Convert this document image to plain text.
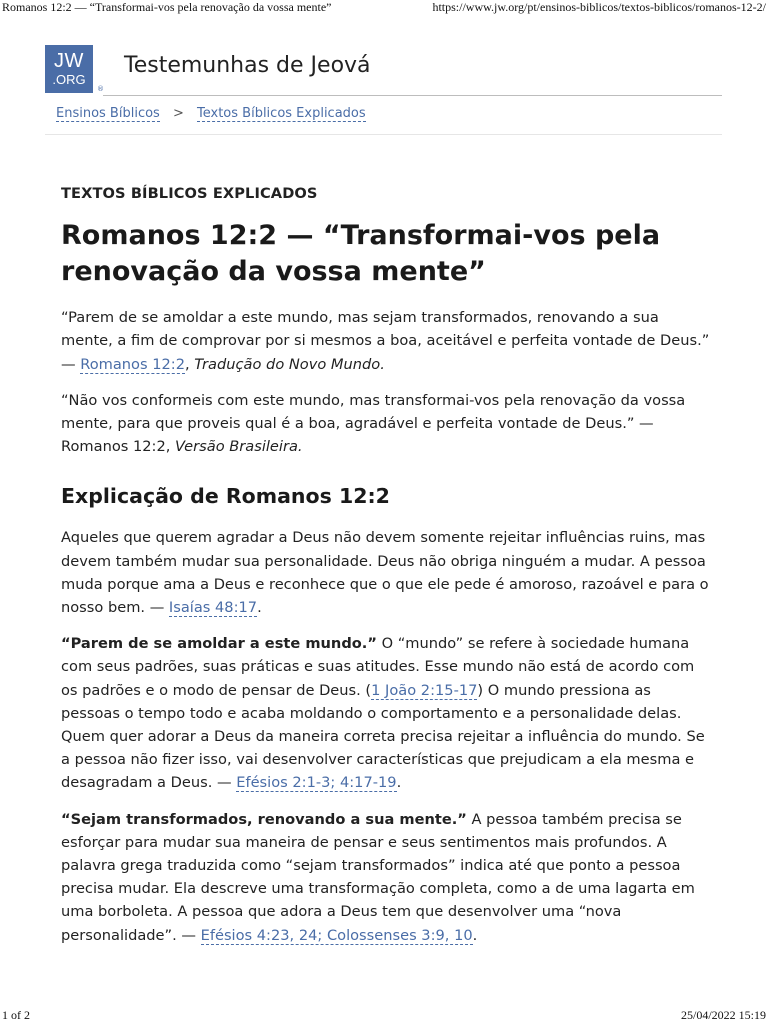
Romanos 12:2 — “Transformai-vos pela renovação da vossa mente”	https://www.jw.org/pt/ensinos-biblicos/textos-biblicos/romanos-12-2/
JW
.ORG
®
Testemunhas de Jeová
Ensinos Bíblicos > Textos Bíblicos Explicados

TEXTOS BÍBLICOS EXPLICADOS

Romanos 12:2 — “Transformai-vos pela renovação da vossa mente”

“Parem de se amoldar a este mundo, mas sejam transformados, renovando a sua mente, a fim de comprovar por si mesmos a boa, aceitável e perfeita vontade de Deus.” — Romanos 12:2, Tradução do Novo Mundo.

“Não vos conformeis com este mundo, mas transformai-vos pela renovação da vossa mente, para que proveis qual é a boa, agradável e perfeita vontade de Deus.” — Romanos 12:2, Versão Brasileira.

Explicação de Romanos 12:2

Aqueles que querem agradar a Deus não devem somente rejeitar influências ruins, mas devem também mudar sua personalidade. Deus não obriga ninguém a mudar. A pessoa muda porque ama a Deus e reconhece que o que ele pede é amoroso, razoável e para o nosso bem. — Isaías 48:17.

“Parem de se amoldar a este mundo.” O “mundo” se refere à sociedade humana com seus padrões, suas práticas e suas atitudes. Esse mundo não está de acordo com os padrões e o modo de pensar de Deus. (1 João 2:15-17) O mundo pressiona as pessoas o tempo todo e acaba moldando o comportamento e a personalidade delas. Quem quer adorar a Deus da maneira correta precisa rejeitar a influência do mundo. Se a pessoa não fizer isso, vai desenvolver características que prejudicam a ela mesma e desagradam a Deus. — Efésios 2:1-3; 4:17-19.

“Sejam transformados, renovando a sua mente.” A pessoa também precisa se esforçar para mudar sua maneira de pensar e seus sentimentos mais profundos. A palavra grega traduzida como “sejam transformados” indica até que ponto a pessoa precisa mudar. Ela descreve uma transformação completa, como a de uma lagarta em uma borboleta. A pessoa que adora a Deus tem que desenvolver uma “nova personalidade”. — Efésios 4:23, 24; Colossenses 3:9, 10.

1 of 2	25/04/2022 15:19
